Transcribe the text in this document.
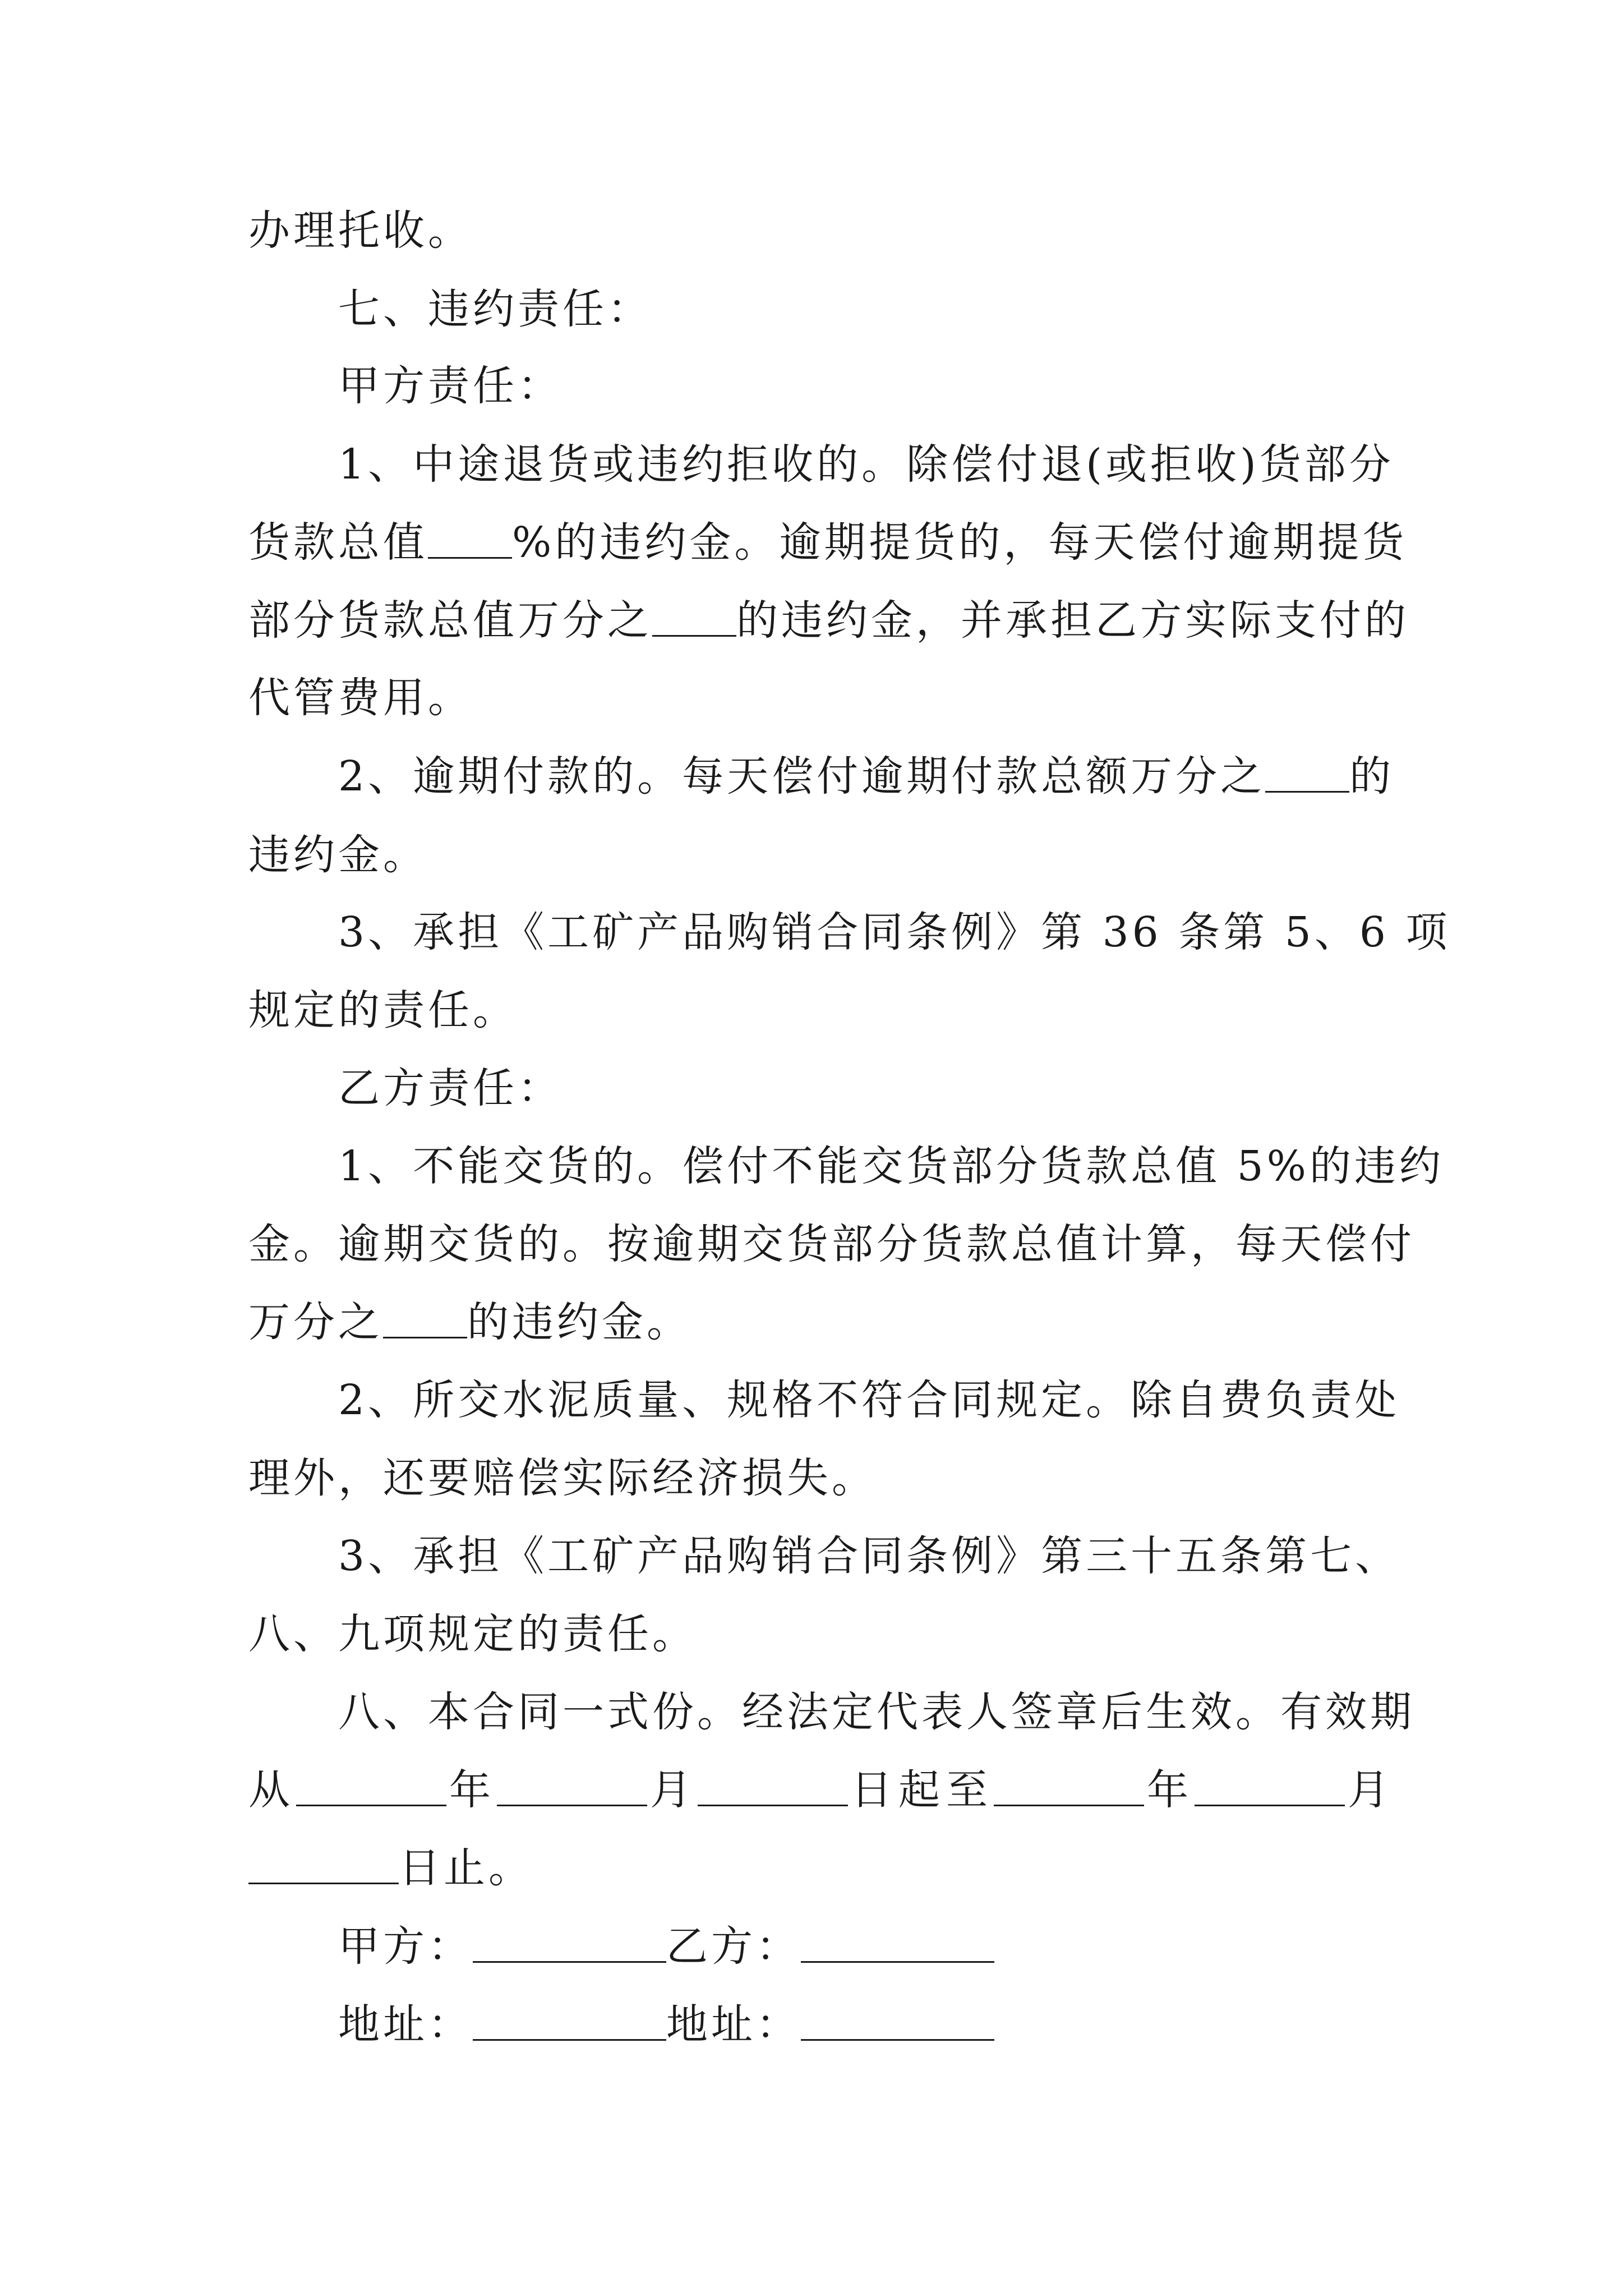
办理托收。
七、违约责任：
甲方责任：
1、中途退货或违约拒收的。除偿付退(或拒收)货部分
货款总值 %的违约金。逾期提货的，每天偿付逾期提货
部分货款总值万分之 的违约金，并承担乙方实际支付的
代管费用。
2、逾期付款的。每天偿付逾期付款总额万分之 的
违约金。
3、承担《工矿产品购销合同条例》第 36 条第 5、6 项
规定的责任。
乙方责任：
1、不能交货的。偿付不能交货部分货款总值 5%的违约
金。逾期交货的。按逾期交货部分货款总值计算，每天偿付
万分之 的违约金。
2、所交水泥质量、规格不符合同规定。除自费负责处
理外，还要赔偿实际经济损失。
3、承担《工矿产品购销合同条例》第三十五条第七、
八、九项规定的责任。
八、本合同一式份。经法定代表人签章后生效。有效期
从	年	月	日起至	年	月
日止。
甲方：	乙方：
地址：	地址：
